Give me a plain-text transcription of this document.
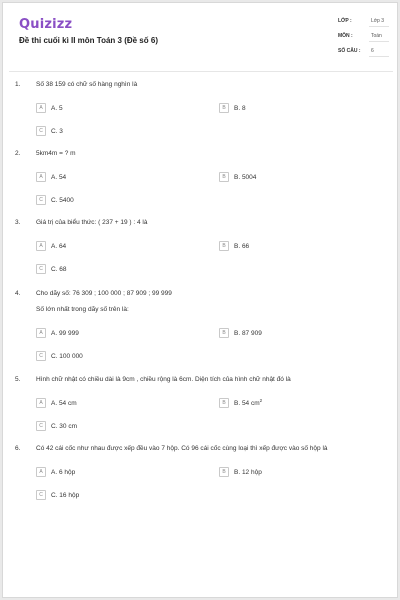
Quizizz
Đề thi cuối kì II môn Toán 3 (Đề số 6)
LỚP :	Lớp 3
MÔN :	Toán
SỐ CÂU : 6
1. Số 38 159 có chữ số hàng nghìn là
A	A. 5	B	B. 8
C	C. 3
2. 5km4m = ? m
A	A. 54	B	B. 5004
C	C. 5400
3. Giá trị của biểu thức: ( 237 + 19 ) : 4 là
A	A. 64	B	B. 66
C	C. 68
4. Cho dãy số: 76 309 ; 100 000 ; 87 909 ; 99 999
Số lớn nhất trong dãy số trên là:
A	A. 99 999	B	B. 87 909
C	C. 100 000
5. Hình chữ nhật có chiều dài là 9cm , chiều rộng là 6cm. Diện tích của hình chữ nhật đó là
A	A. 54 cm	B	B. 54 $cm^2$
C	C. 30 cm
6. Có 42 cái cốc như nhau được xếp đều vào 7 hộp. Có 96 cái cốc cùng loại thì xếp được vào số hộp là
A	A. 6 hộp	B	B. 12 hộp
C	C. 16 hộp
